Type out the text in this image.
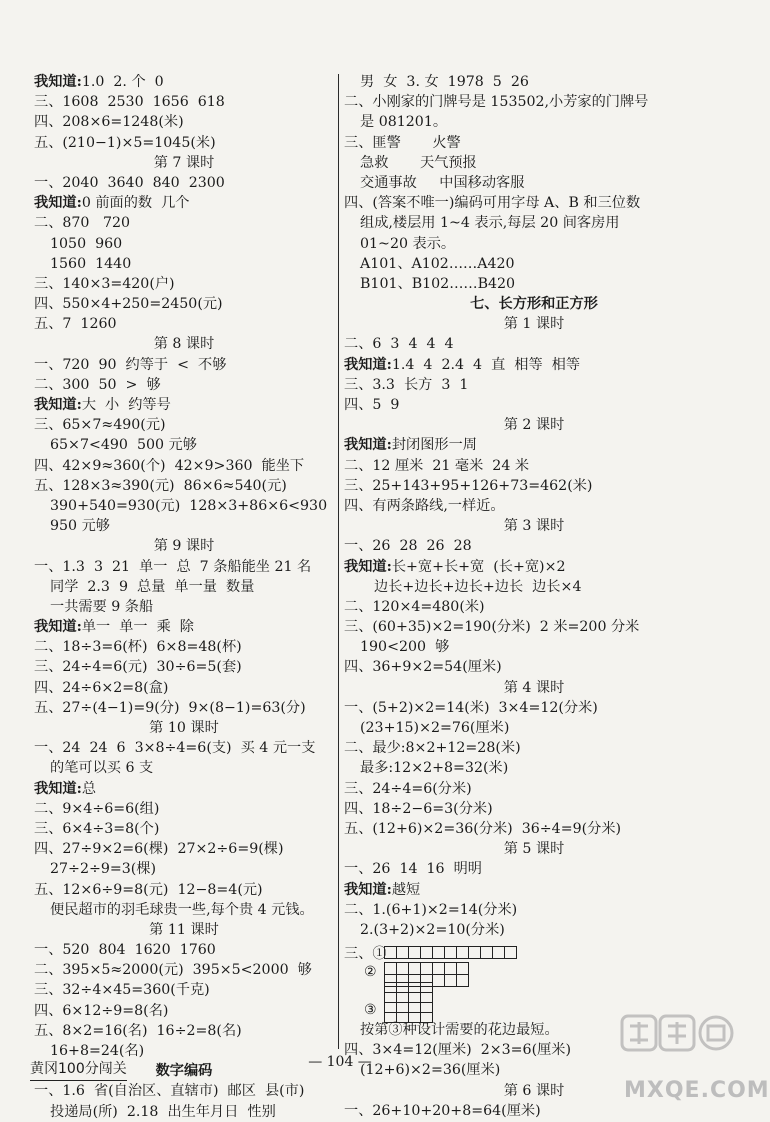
我知道:1.0  2. 个  0
三、1608  2530  1656  618
四、208×6=1248(米)
五、(210−1)×5=1045(米)
第 7 课时
一、2040  3640  840  2300
我知道:0 前面的数  几个
二、870   720
1050  960
1560  1440
三、140×3=420(户)
四、550×4+250=2450(元)
五、7  1260
第 8 课时
一、720  90  约等于  <  不够
二、300  50  >  够
我知道:大  小  约等号
三、65×7≈490(元)
65×7<490  500 元够
四、42×9≈360(个)  42×9>360  能坐下
五、128×3≈390(元)  86×6≈540(元)
390+540=930(元)  128×3+86×6<930
950 元够
第 9 课时
一、1.3  3  21  单一  总  7 条船能坐 21 名
同学  2.3  9  总量  单一量  数量
一共需要 9 条船
我知道:单一  单一  乘  除
二、18÷3=6(杯)  6×8=48(杯)
三、24÷4=6(元)  30÷6=5(套)
四、24÷6×2=8(盒)
五、27÷(4−1)=9(分)  9×(8−1)=63(分)
第 10 课时
一、24  24  6  3×8÷4=6(支)  买 4 元一支
的笔可以买 6 支
我知道:总
二、9×4÷6=6(组)
三、6×4÷3=8(个)
四、27÷9×2=6(棵)  27×2÷6=9(棵)
27÷2÷9=3(棵)
五、12×6÷9=8(元)  12−8=4(元)
便民超市的羽毛球贵一些,每个贵 4 元钱。
第 11 课时
一、520  804  1620  1760
二、395×5≈2000(元)  395×5<2000  够
三、32÷4×45=360(千克)
四、6×12÷9=8(名)
五、8×2=16(名)  16÷2=8(名)
16+8=24(名)
数字编码
一、1.6  省(自治区、直辖市)  邮区  县(市)
投递局(所)  2.18  出生年月日  性别
男  女  3. 女  1978  5  26
二、小刚家的门牌号是 153502,小芳家的门牌号
是 081201。
三、匪警       火警
急救       天气预报
交通事故     中国移动客服
四、(答案不唯一)编码可用字母 A、B 和三位数
组成,楼层用 1~4 表示,每层 20 间客房用
01~20 表示。
A101、A102……A420
B101、B102……B420
七、长方形和正方形
第 1 课时
二、6  3  4  4  4
我知道:1.4  4  2.4  4  直  相等  相等
三、3.3  长方  3  1
四、5  9
第 2 课时
我知道:封闭图形一周
二、12 厘米  21 毫米  24 米
三、25+143+95+126+73=462(米)
四、有两条路线,一样近。
第 3 课时
一、26  28  26  28
我知道:长+宽+长+宽  (长+宽)×2
边长+边长+边长+边长  边长×4
二、120×4=480(米)
三、(60+35)×2=190(分米)  2 米=200 分米
190<200  够
四、36+9×2=54(厘米)
第 4 课时
一、(5+2)×2=14(米)  3×4=12(分米)
(23+15)×2=76(厘米)
二、最少:8×2+12=28(米)
最多:12×2+8=32(米)
三、24÷4=6(分米)
四、18÷2−6=3(分米)
五、(12+6)×2=36(分米)  36÷4=9(分米)
第 5 课时
一、26  14  16  明明
我知道:越短
二、1.(6+1)×2=14(分米)
2.(3+2)×2=10(分米)
三、①
②
③
按第③种设计需要的花边最短。
四、3×4=12(厘米)  2×3=6(厘米)
(12+6)×2=36(厘米)
第 6 课时
一、26+10+20+8=64(厘米)
黄冈100分闯关	— 104 —
MXQE.COM
